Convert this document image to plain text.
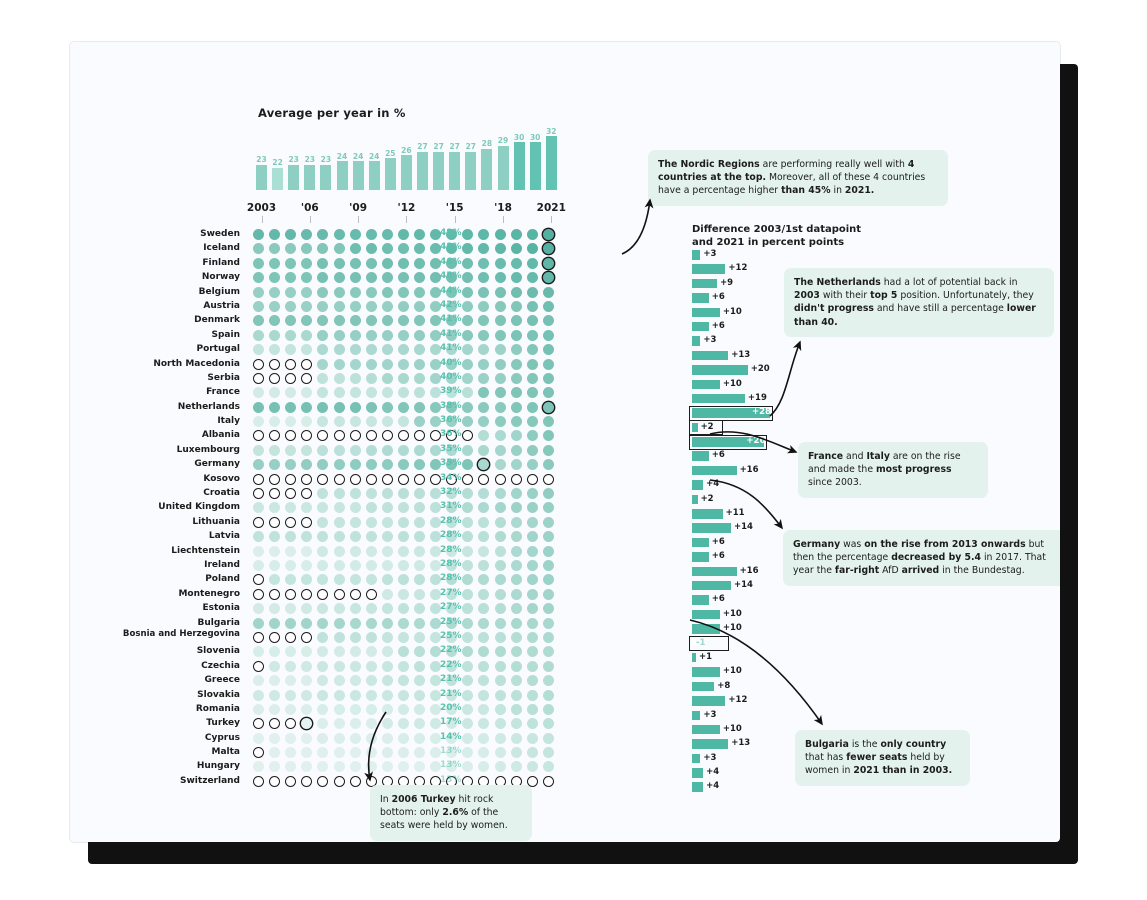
Average per year in %
23 22 23 23 23 24 24 24 25 26 27 27 27 27 28 29 30 30
32
2003 '06	'09	'12	'15	'18 2021
Sweden	48%
Iceland	48%
Finland	46%
Norway	45%
Belgium	44%
Austria	42%
Denmark	41%
Spain	41%
Portugal	41%
North Macedonia	40%
Serbia	40%
France	39%
Netherlands	38%
Italy	36%
Albania	36%
Luxembourg	35%
Germany	35%
Kosovo	34%
Croatia	32%
United Kingdom	31%
Lithuania	28%
Latvia	28%
Liechtenstein	28%
Ireland	28%
Poland	28%
Montenegro	27%
Estonia	27%
Bulgaria	25%
Bosnia and Herzegovina	25%
Slovenia	22%
Czechia	22%
Greece	21%
Slovakia	21%
Romania	20%
Turkey	17%
Cyprus	14%
Malta	13%
Hungary	13%
Switzerland	13%
Difference 2003/1st datapoint and 2021 in percent points
+3
+12
+9
+6
+10
+6
+3
+13
+20
+10
+19
+28
+2
+26
+6
+16
+4
+2
+11
+14
+6
+6
+16
+14
+6
+10
+10
-1
+1
+10
+8
+12
+3
+10
+13
+3
+4
+4
The Nordic Regions are performing really well with 4 countries at the top. Moreover, all of these 4 countries have a percentage higher than 45% in 2021.
The Netherlands had a lot of potential back in 2003 with their top 5 position. Unfortunately, they didn't progress and have still a percentage lower than 40.
France and Italy are on the rise and made the most progress since 2003.
Germany was on the rise from 2013 onwards but then the percentage decreased by 5.4 in 2017. That year the far-right AfD arrived in the Bundestag.
Bulgaria is the only country that has fewer seats held by women in 2021 than in 2003.
In 2006 Turkey hit rock bottom: only 2.6% of the seats were held by women.
